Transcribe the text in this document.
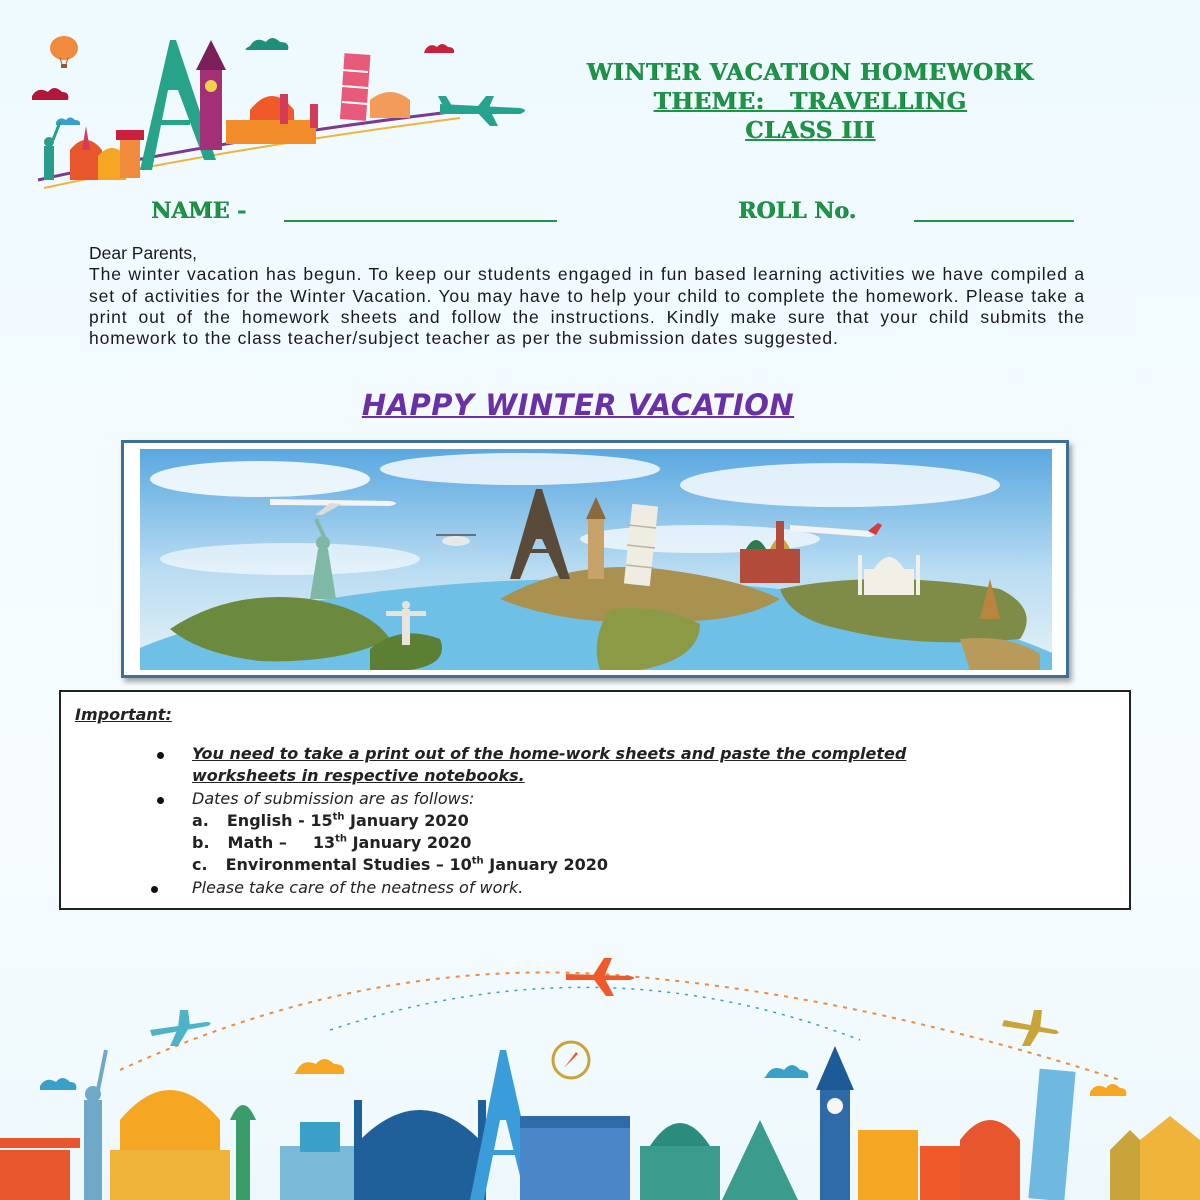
WINTER VACATION HOMEWORK

THEME:   TRAVELLING

CLASS III

NAME -	ROLL No.

Dear Parents,

The winter vacation has begun. To keep our students engaged in fun based learning activities we have compiled a set of activities for the Winter Vacation. You may have to help your child to complete the homework. Please take a print out of the homework sheets and follow the instructions. Kindly make sure that your child submits the homework to the class teacher/subject teacher as per the submission dates suggested.

HAPPY WINTER VACATION
Important:
You need to take a print out of the home-work sheets and paste the completed
worksheets in respective notebooks.
Dates of submission are as follows:
a. English - 15th January 2020
b. Math – 13th January 2020
c. Environmental Studies – 10th January 2020
Please take care of the neatness of work.
